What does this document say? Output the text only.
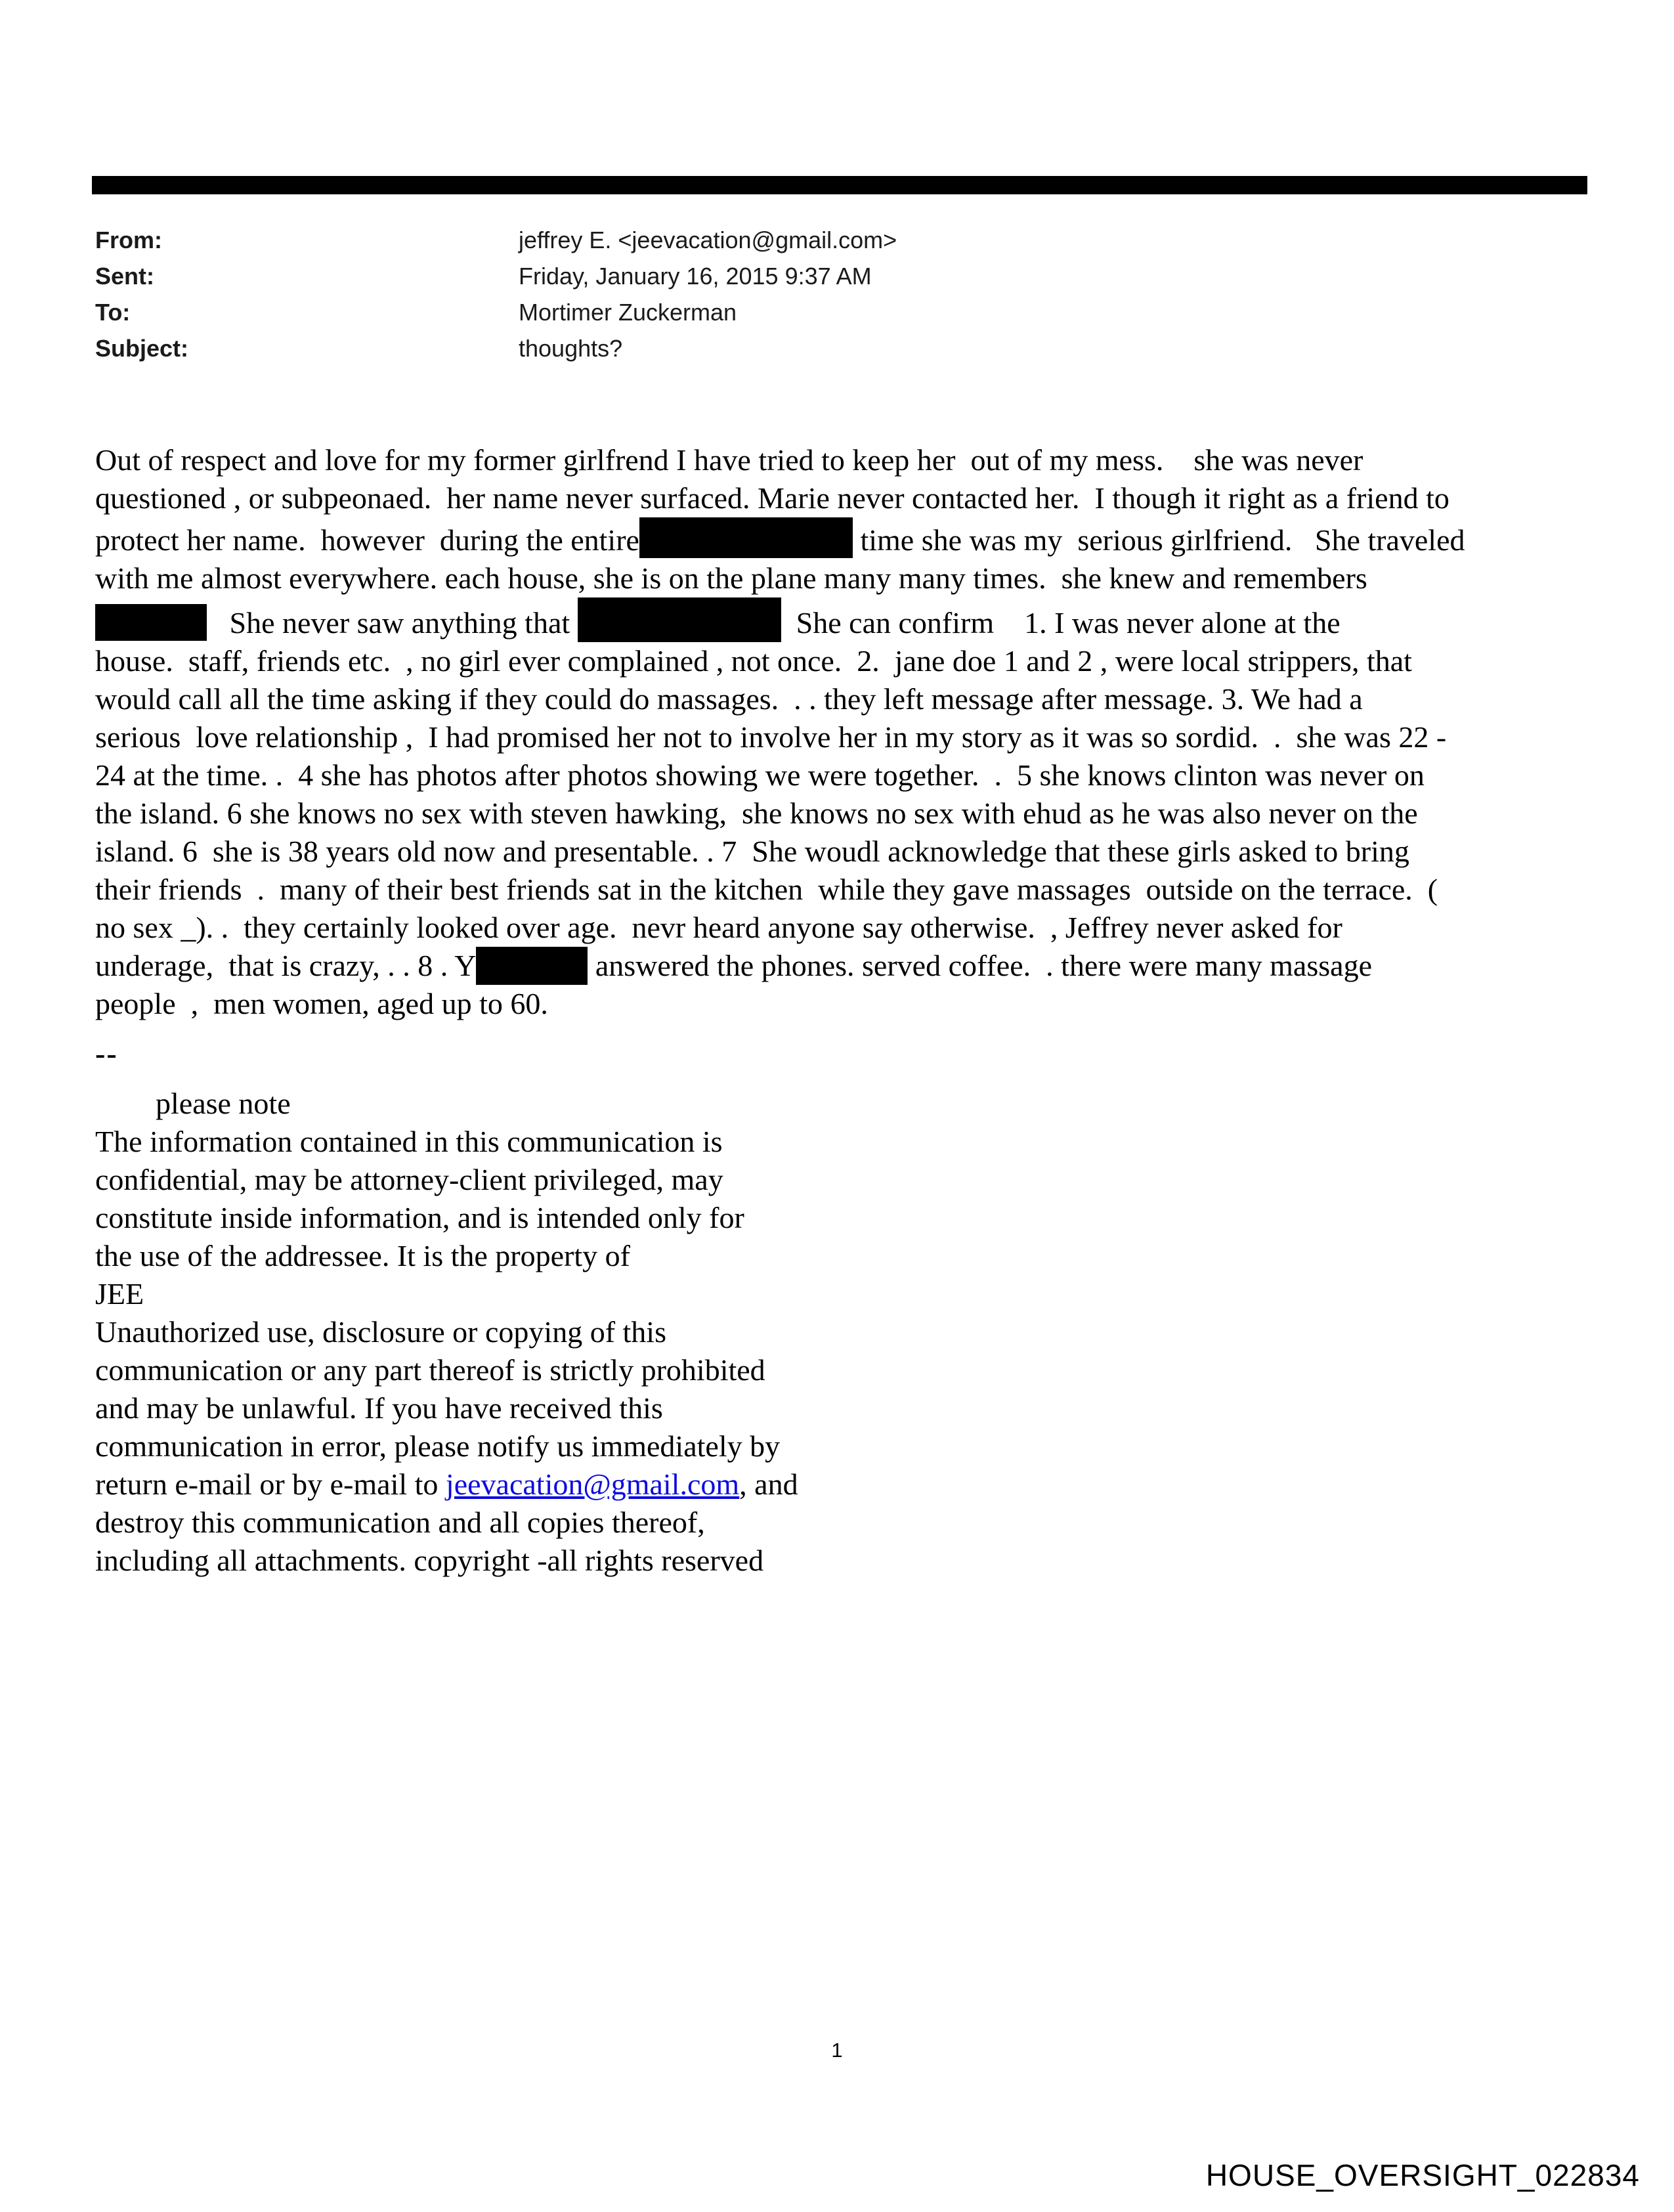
From:	jeffrey E. <jeevacation@gmail.com>
Sent:	Friday, January 16, 2015 9:37 AM
To:	Mortimer Zuckerman
Subject:	thoughts?
Out of respect and love for my former girlfrend I have tried to keep her  out of my mess.    she was never
questioned , or subpeonaed.  her name never surfaced. Marie never contacted her.  I though it right as a friend to
protect her name.  however  during the entire	time she was my  serious girlfriend.   She traveled
with me almost everywhere. each house, she is on the plane many many times.  she knew and remembers
She never saw anything that	She can confirm    1. I was never alone at the
house.  staff, friends etc.  , no girl ever complained , not once.  2.  jane doe 1 and 2 , were local strippers, that
would call all the time asking if they could do massages.  . . they left message after message. 3. We had a
serious  love relationship ,  I had promised her not to involve her in my story as it was so sordid.  .  she was 22 -
24 at the time. .  4 she has photos after photos showing we were together.  .  5 she knows clinton was never on
the island. 6 she knows no sex with steven hawking,  she knows no sex with ehud as he was also never on the
island. 6  she is 38 years old now and presentable. . 7  She woudl acknowledge that these girls asked to bring
their friends  .  many of their best friends sat in the kitchen  while they gave massages  outside on the terrace.  (
no sex _). .  they certainly looked over age.  nevr heard anyone say otherwise.  , Jeffrey never asked for
underage,  that is crazy, . . 8 . Y	answered the phones. served coffee.  . there were many massage
people  ,  men women, aged up to 60.
--
please note
The information contained in this communication is
confidential, may be attorney-client privileged, may
constitute inside information, and is intended only for
the use of the addressee. It is the property of
JEE
Unauthorized use, disclosure or copying of this
communication or any part thereof is strictly prohibited
and may be unlawful. If you have received this
communication in error, please notify us immediately by
return e-mail or by e-mail to jeevacation@gmail.com, and
destroy this communication and all copies thereof,
including all attachments. copyright -all rights reserved
1
HOUSE_OVERSIGHT_022834
